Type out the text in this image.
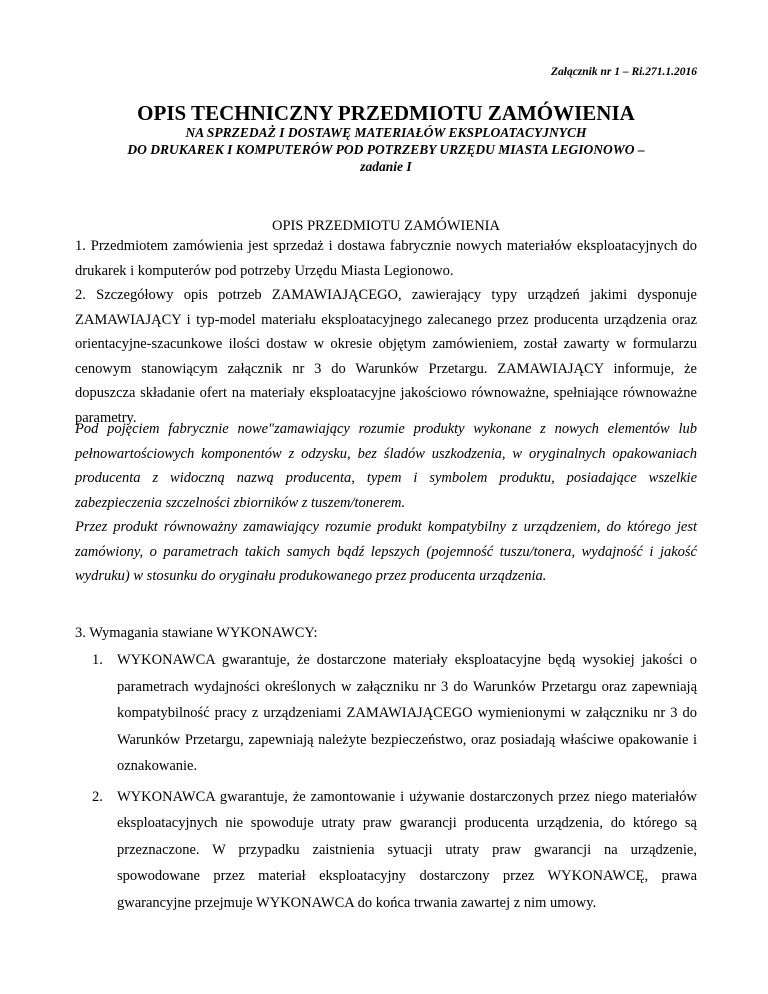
Załącznik nr 1 – Ri.271.1.2016
OPIS TECHNICZNY PRZEDMIOTU ZAMÓWIENIA
NA SPRZEDAŻ I DOSTAWĘ MATERIAŁÓW EKSPLOATACYJNYCH
DO DRUKAREK I KOMPUTERÓW POD POTRZEBY URZĘDU MIASTA LEGIONOWO –
zadanie I
OPIS PRZEDMIOTU ZAMÓWIENIA
1. Przedmiotem zamówienia jest sprzedaż i dostawa fabrycznie nowych materiałów eksploatacyjnych do drukarek i komputerów pod potrzeby Urzędu Miasta Legionowo.
2. Szczegółowy opis potrzeb ZAMAWIAJĄCEGO, zawierający typy urządzeń jakimi dysponuje ZAMAWIAJĄCY i typ-model materiału eksploatacyjnego zalecanego przez producenta urządzenia oraz orientacyjne-szacunkowe ilości dostaw w okresie objętym zamówieniem, został zawarty w formularzu cenowym stanowiącym załącznik nr 3 do Warunków Przetargu. ZAMAWIAJĄCY informuje, że dopuszcza składanie ofert na materiały eksploatacyjne jakościowo równoważne, spełniające równoważne parametry.
Pod pojęciem fabrycznie nowe"zamawiający rozumie produkty wykonane z nowych elementów lub pełnowartościowych komponentów z odzysku, bez śladów uszkodzenia, w oryginalnych opakowaniach producenta z widoczną nazwą producenta, typem i symbolem produktu, posiadające wszelkie zabezpieczenia szczelności zbiorników z tuszem/tonerem.
Przez produkt równoważny zamawiający rozumie produkt kompatybilny z urządzeniem, do którego jest zamówiony, o parametrach takich samych bądź lepszych (pojemność tuszu/tonera, wydajność i jakość wydruku) w stosunku do oryginału produkowanego przez producenta urządzenia.
3. Wymagania stawiane WYKONAWCY:
1. WYKONAWCA gwarantuje, że dostarczone materiały eksploatacyjne będą wysokiej jakości o parametrach wydajności określonych w załączniku nr 3 do Warunków Przetargu oraz zapewniają kompatybilność pracy z urządzeniami ZAMAWIAJĄCEGO wymienionymi w załączniku nr 3 do Warunków Przetargu, zapewniają należyte bezpieczeństwo, oraz posiadają właściwe opakowanie i oznakowanie.
2. WYKONAWCA gwarantuje, że zamontowanie i używanie dostarczonych przez niego materiałów eksploatacyjnych nie spowoduje utraty praw gwarancji producenta urządzenia, do którego są przeznaczone. W przypadku zaistnienia sytuacji utraty praw gwarancji na urządzenie, spowodowane przez materiał eksploatacyjny dostarczony przez WYKONAWCĘ, prawa gwarancyjne przejmuje WYKONAWCA do końca trwania zawartej z nim umowy.
